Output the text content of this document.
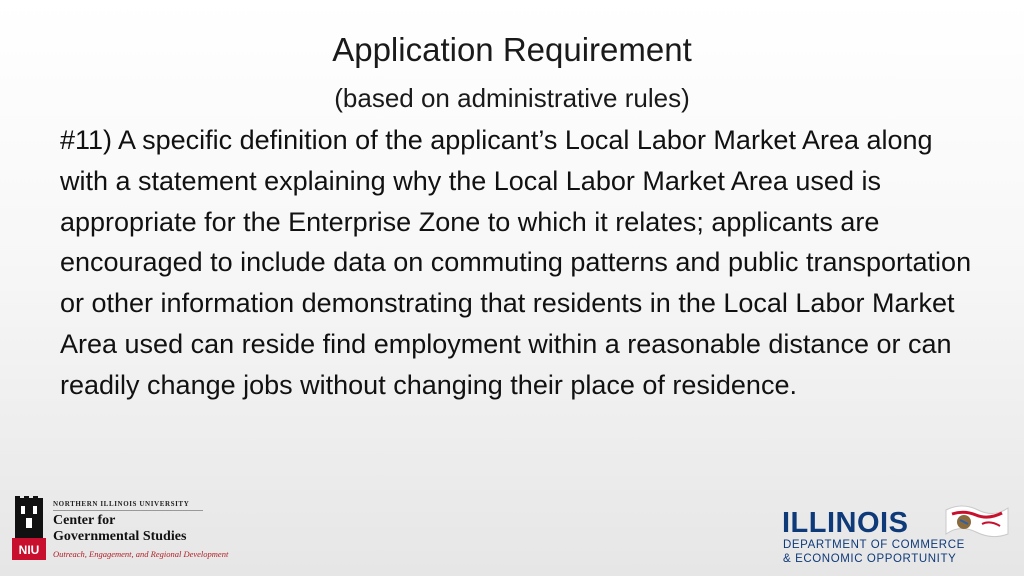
Application Requirement
(based on administrative rules)
#11) A specific definition of the applicant’s Local Labor Market Area along with a statement explaining why the Local Labor Market Area used is appropriate for the Enterprise Zone to which it relates; applicants are encouraged to include data on commuting patterns and public transportation or other information demonstrating that residents in the Local Labor Market Area used can reside find employment within a reasonable distance or can readily change jobs without changing their place of residence.
NIU
NORTHERN ILLINOIS UNIVERSITY
Center for
Governmental Studies
Outreach, Engagement, and Regional Development
ILLINOIS
DEPARTMENT OF COMMERCE
& ECONOMIC OPPORTUNITY
